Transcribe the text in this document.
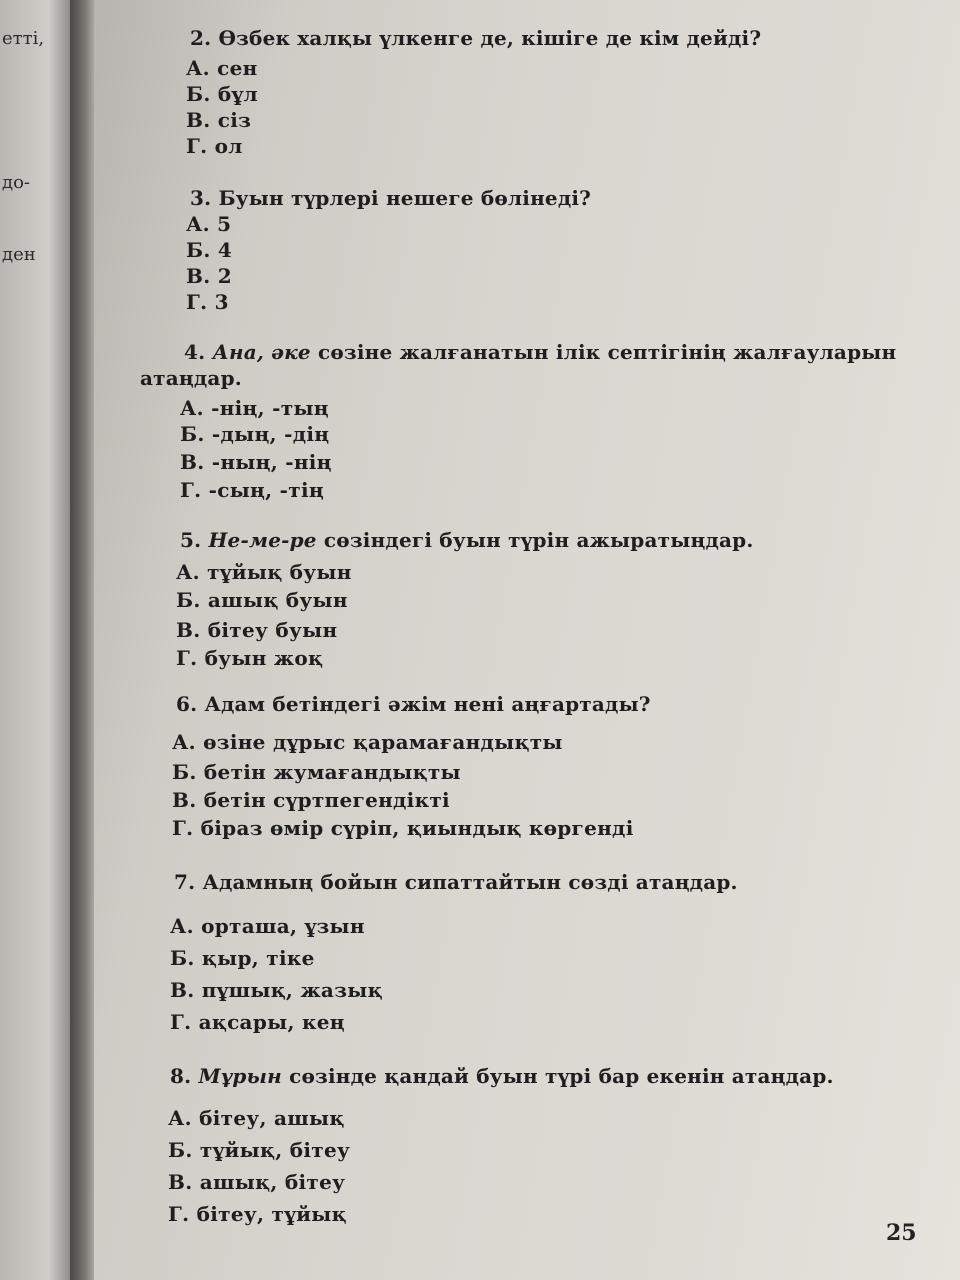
етті,
до-
ден
2. Өзбек халқы үлкенге де, кішіге де кім дейді?
А. сен
Б. бұл
В. сіз
Г. ол
3. Буын түрлері нешеге бөлінеді?
А. 5
Б. 4
В. 2
Г. 3
4. Ана, әке сөзіне жалғанатын ілік септігінің жалғауларын
атаңдар.
А. -нің, -тың
Б. -дың, -дің
В. -ның, -нің
Г. -сың, -тің
5. Не-ме-ре сөзіндегі буын түрін ажыратыңдар.
А. тұйық буын
Б. ашық буын
В. бітеу буын
Г. буын жоқ
6. Адам бетіндегі әжім нені аңғартады?
А. өзіне дұрыс қарамағандықты
Б. бетін жумағандықты
В. бетін сүртпегендікті
Г. біраз өмір сүріп, қиындық көргенді
7. Адамның бойын сипаттайтын сөзді атаңдар.
А. орташа, ұзын
Б. қыр, тіке
В. пұшық, жазық
Г. ақсары, кең
8. Мұрын сөзінде қандай буын түрі бар екенін атаңдар.
А. бітеу, ашық
Б. тұйық, бітеу
В. ашық, бітеу
Г. бітеу, тұйық
25
